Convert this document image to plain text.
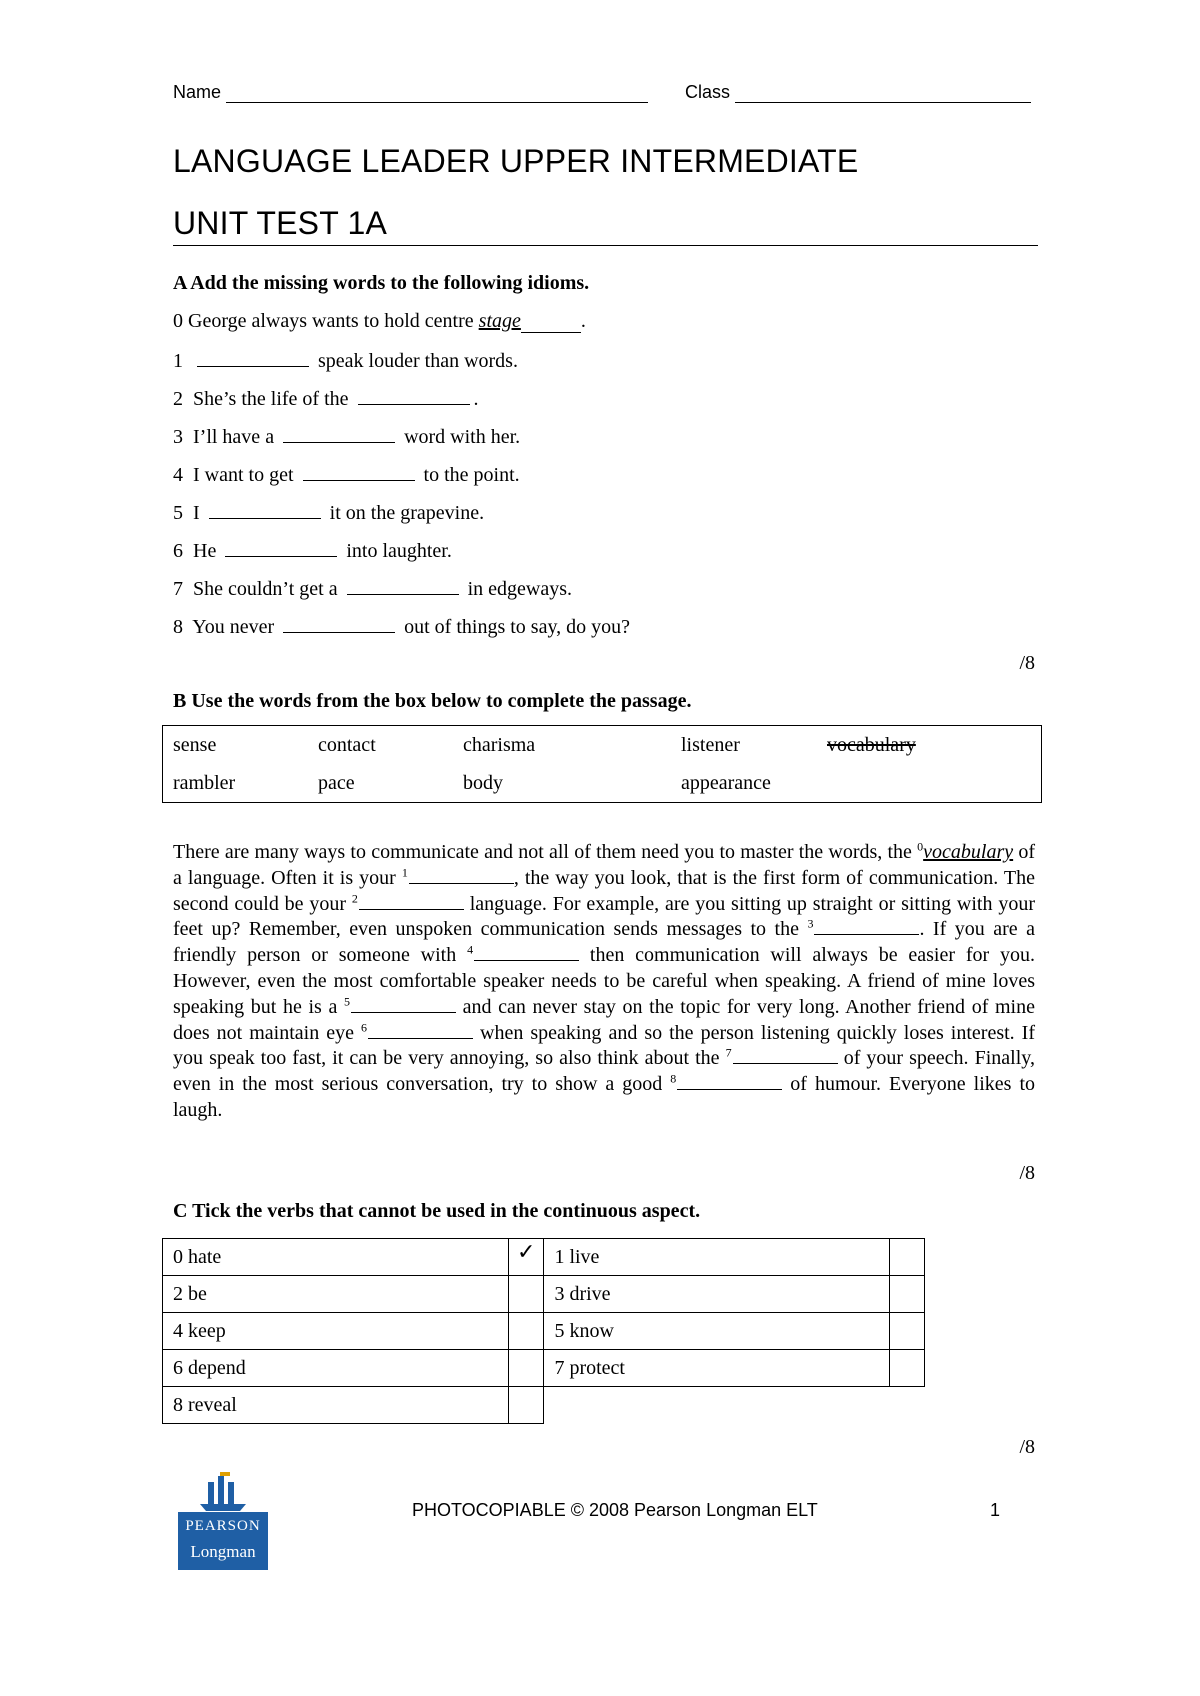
Name	Class
LANGUAGE LEADER UPPER INTERMEDIATE
UNIT TEST 1A
A Add the missing words to the following idioms.
0 George always wants to hold centre stage	.
1	speak louder than words.
2  She’s the life of the	.
3  I’ll have a	word with her.
4  I want to get	to the point.
5  I	it on the grapevine.
6  He	into laughter.
7  She couldn’t get a	in edgeways.
8  You never	out of things to say, do you?
/8
B Use the words from the box below to complete the passage.
sense	contact	charisma	listener	vocabulary
rambler	pace	body	appearance	
There are many ways to communicate and not all of them need you to master the words, the $^0$vocabulary of a language. Often it is your $^1$	, the way you look, that is the first form of communication. The second could be your $^2$	language. For example, are you sitting up straight or sitting with your feet up? Remember, even unspoken communication sends messages to the $^3$	. If you are a friendly person or someone with $^4$	then communication will always be easier for you. However, even the most comfortable speaker needs to be careful when speaking. A friend of mine loves speaking but he is a $^5$	and can never stay on the topic for very long. Another friend of mine does not maintain eye $^6$	when speaking and so the person listening quickly loses interest. If you speak too fast, it can be very annoying, so also think about the $^7$	of your speech. Finally, even in the most serious conversation, try to show a good $^8$	of humour. Everyone likes to laugh.
/8
C Tick the verbs that cannot be used in the continuous aspect.
0 hate	✓	1 live	
2 be		3 drive	
4 keep		5 know	
6 depend		7 protect	
8 reveal			
/8
PEARSON
Longman
PHOTOCOPIABLE © 2008 Pearson Longman ELT	1
